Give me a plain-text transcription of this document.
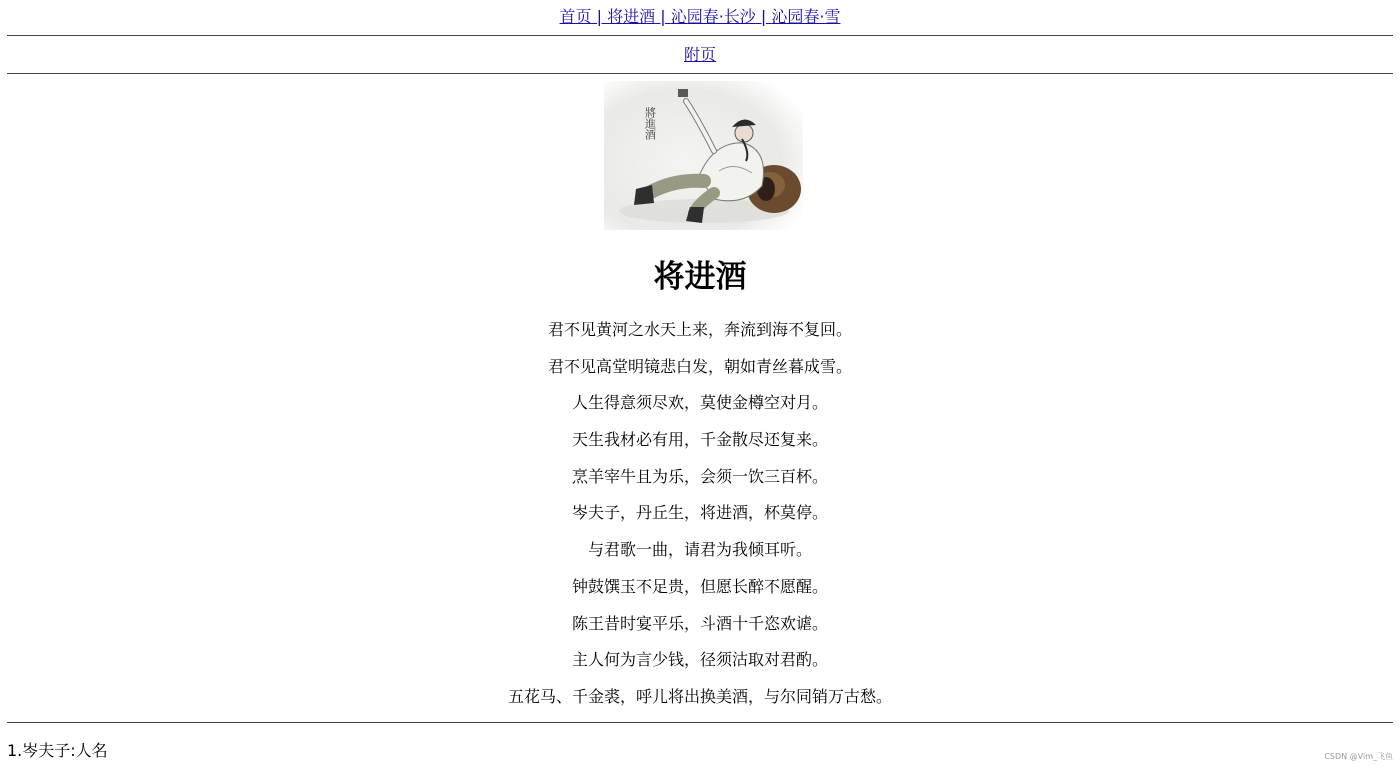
首页 | 将进酒 | 沁园春·长沙 | 沁园春·雪
附页
將進酒
将进酒
君不见黄河之水天上来，奔流到海不复回。
君不见高堂明镜悲白发，朝如青丝暮成雪。
人生得意须尽欢，莫使金樽空对月。
天生我材必有用，千金散尽还复来。
烹羊宰牛且为乐，会须一饮三百杯。
岑夫子，丹丘生，将进酒，杯莫停。
与君歌一曲，请君为我倾耳听。
钟鼓馔玉不足贵，但愿长醉不愿醒。
陈王昔时宴平乐，斗酒十千恣欢谑。
主人何为言少钱，径须沽取对君酌。
五花马、千金裘，呼儿将出换美酒，与尔同销万古愁。
1.岑夫子:人名	CSDN @Vim_飞鱼
